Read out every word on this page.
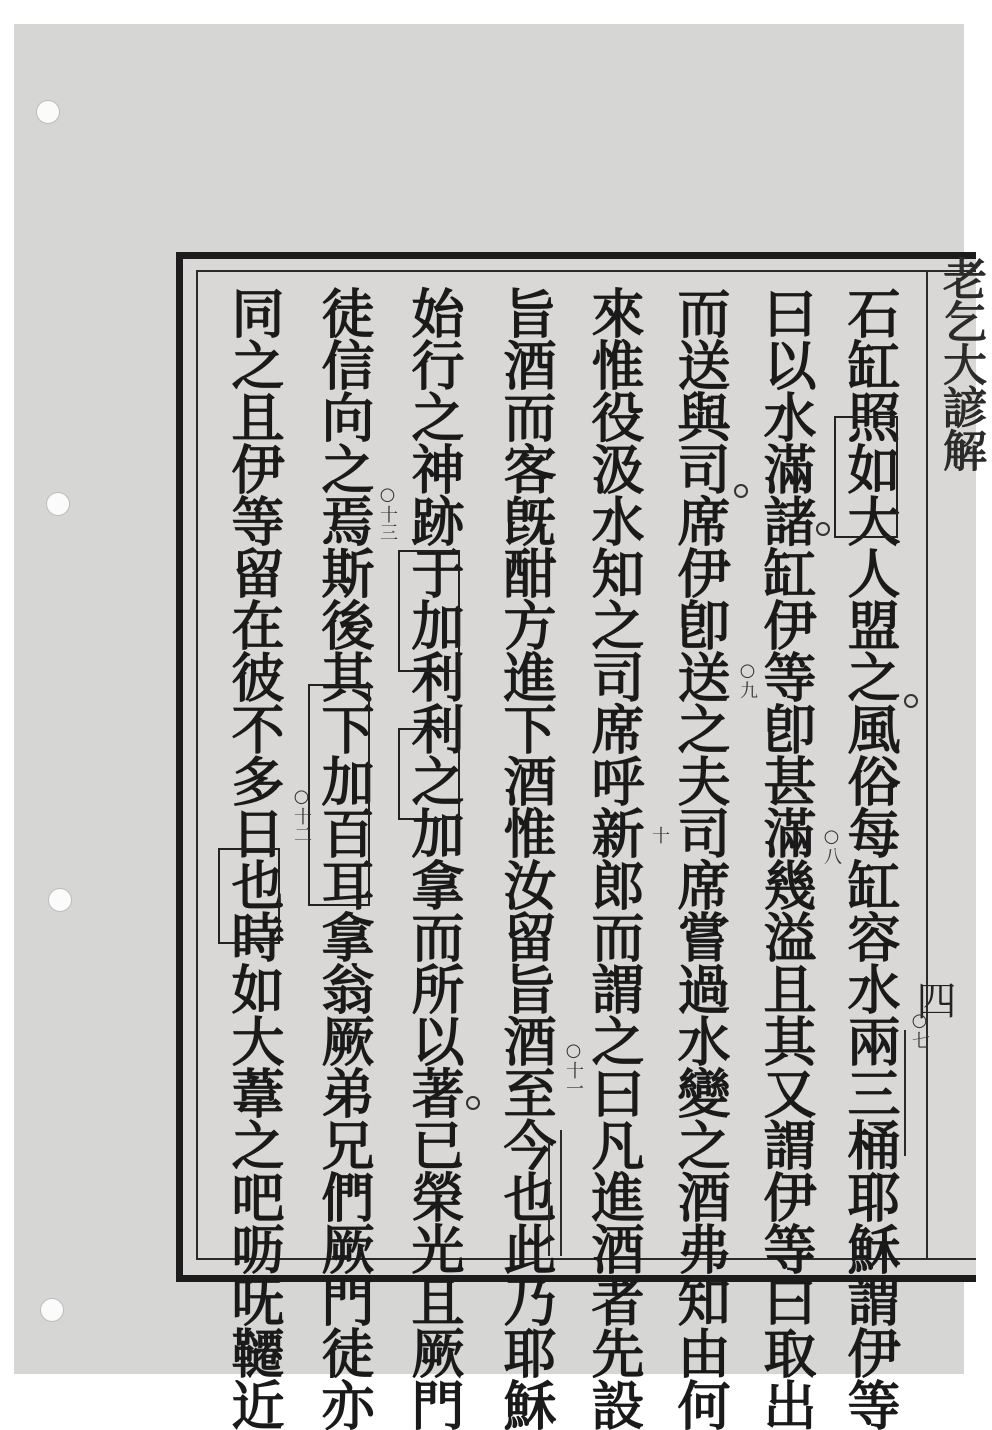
老乞大諺解
四
石缸照如大人盟之風俗每缸容水兩三桶耶穌謂伊等
曰以水滿諸缸伊等卽甚滿幾溢且其又謂伊等曰取出
而送與司席伊卽送之夫司席嘗過水變之酒弗知由何
來惟役汲水知之司席呼新郎而謂之曰凡進酒者先設
旨酒而客旣酣方進下酒惟汝留旨酒至今也此乃耶穌
始行之神跡于加利利之加拿而所以著已榮光且厥門
徒信向之焉斯後其下加百耳拿翁厥弟兄們厥門徒亦
同之且伊等留在彼不多日也時如大葦之吧呖呒韆近	○七
○八
○九
十
○十一
○十二
○十三
